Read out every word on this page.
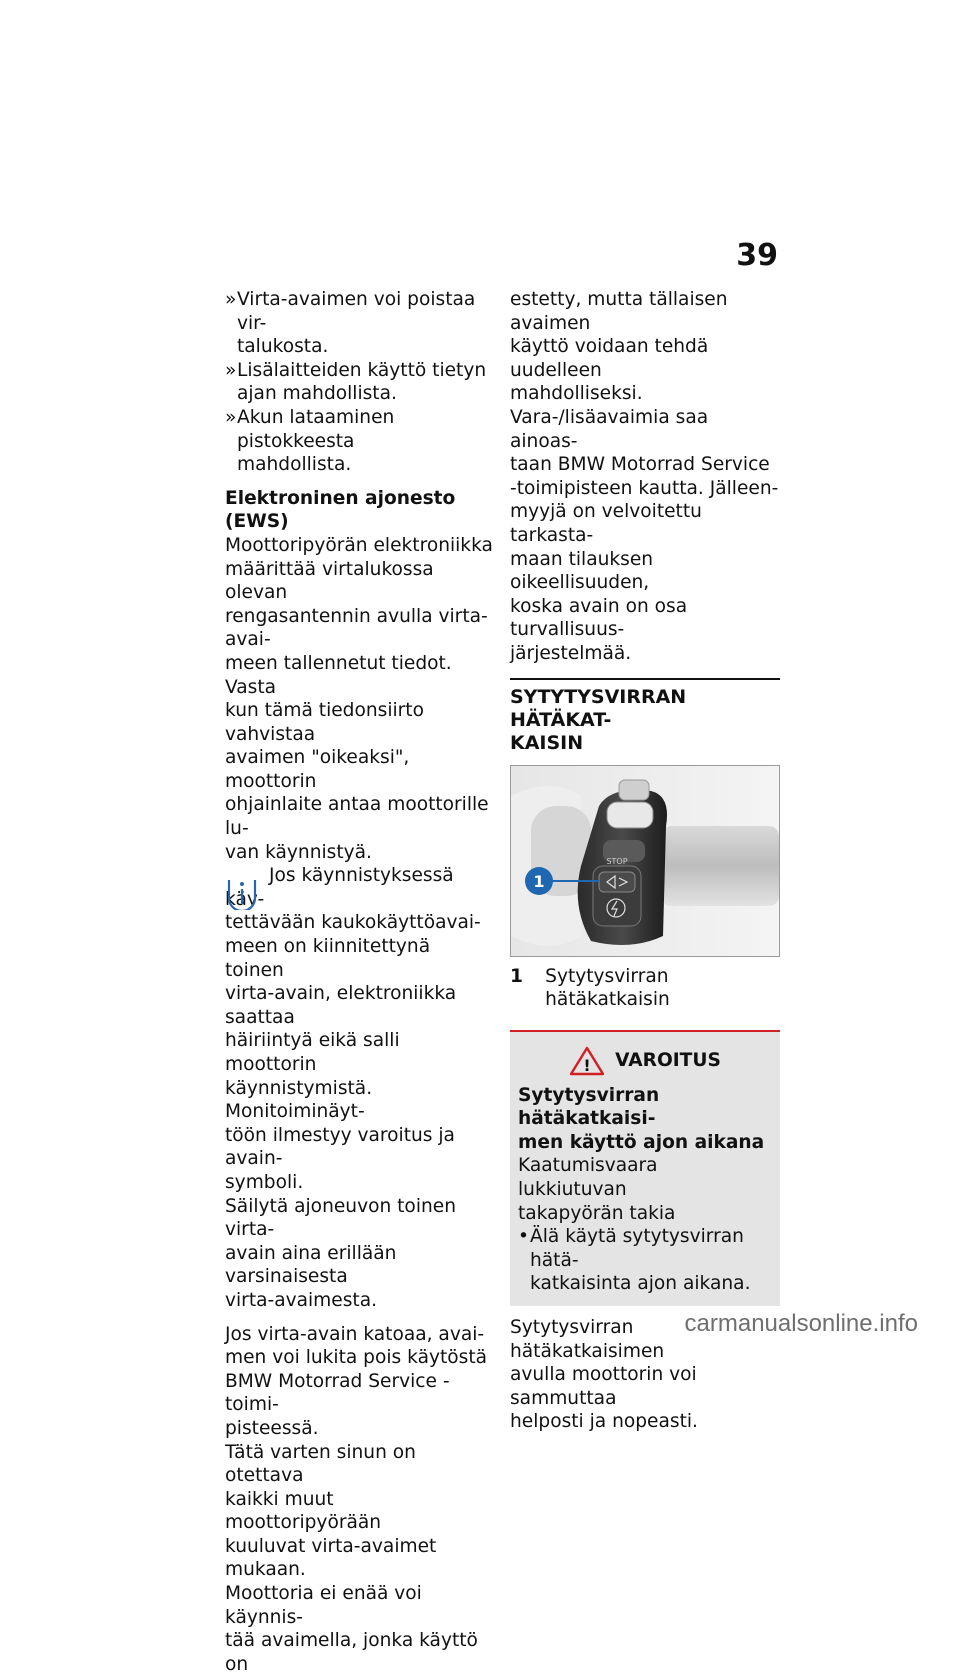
39
» Virta-avaimen voi poistaa vir-
talukosta.
» Lisälaitteiden käyttö tietyn
ajan mahdollista.
» Akun lataaminen pistokkeesta
mahdollista.

Elektroninen ajonesto (EWS)

Moottoripyörän elektroniikka
määrittää virtalukossa olevan
rengasantennin avulla virta-avai-
meen tallennetut tiedot. Vasta
kun tämä tiedonsiirto vahvistaa
avaimen "oikeaksi", moottorin
ohjainlaite antaa moottorille lu-
van käynnistyä.

Jos käynnistyksessä käy-
tettävään kaukokäyttöavai-
meen on kiinnitettynä toinen
virta-avain, elektroniikka saattaa
häiriintyä eikä salli moottorin
käynnistymistä. Monitoiminäyt-
töön ilmestyy varoitus ja avain-
symboli.

Säilytä ajoneuvon toinen virta-
avain aina erillään varsinaisesta
virta-avaimesta.

Jos virta-avain katoaa, avai-
men voi lukita pois käytöstä
BMW Motorrad Service -toimi-
pisteessä.

Tätä varten sinun on otettava
kaikki muut moottoripyörään
kuuluvat virta-avaimet mukaan.
Moottoria ei enää voi käynnis-
tää avaimella, jonka käyttö on

estetty, mutta tällaisen avaimen
käyttö voidaan tehdä uudelleen
mahdolliseksi.

Vara-/lisäavaimia saa ainoas-
taan BMW Motorrad Service
-toimipisteen kautta. Jälleen-
myyjä on velvoitettu tarkasta-
maan tilauksen oikeellisuuden,
koska avain on osa turvallisuus-
järjestelmää.

SYTYTYSVIRRAN HÄTÄKAT-
KAISIN
STOP
1
1	Sytytysvirran hätäkatkaisin
! VAROITUS

Sytytysvirran hätäkatkaisi-
men käyttö ajon aikana

Kaatumisvaara lukkiutuvan
takapyörän takia

• Älä käytä sytytysvirran hätä-
katkaisinta ajon aikana.

Sytytysvirran hätäkatkaisimen
avulla moottorin voi sammuttaa
helposti ja nopeasti.

carmanualsonline.info
